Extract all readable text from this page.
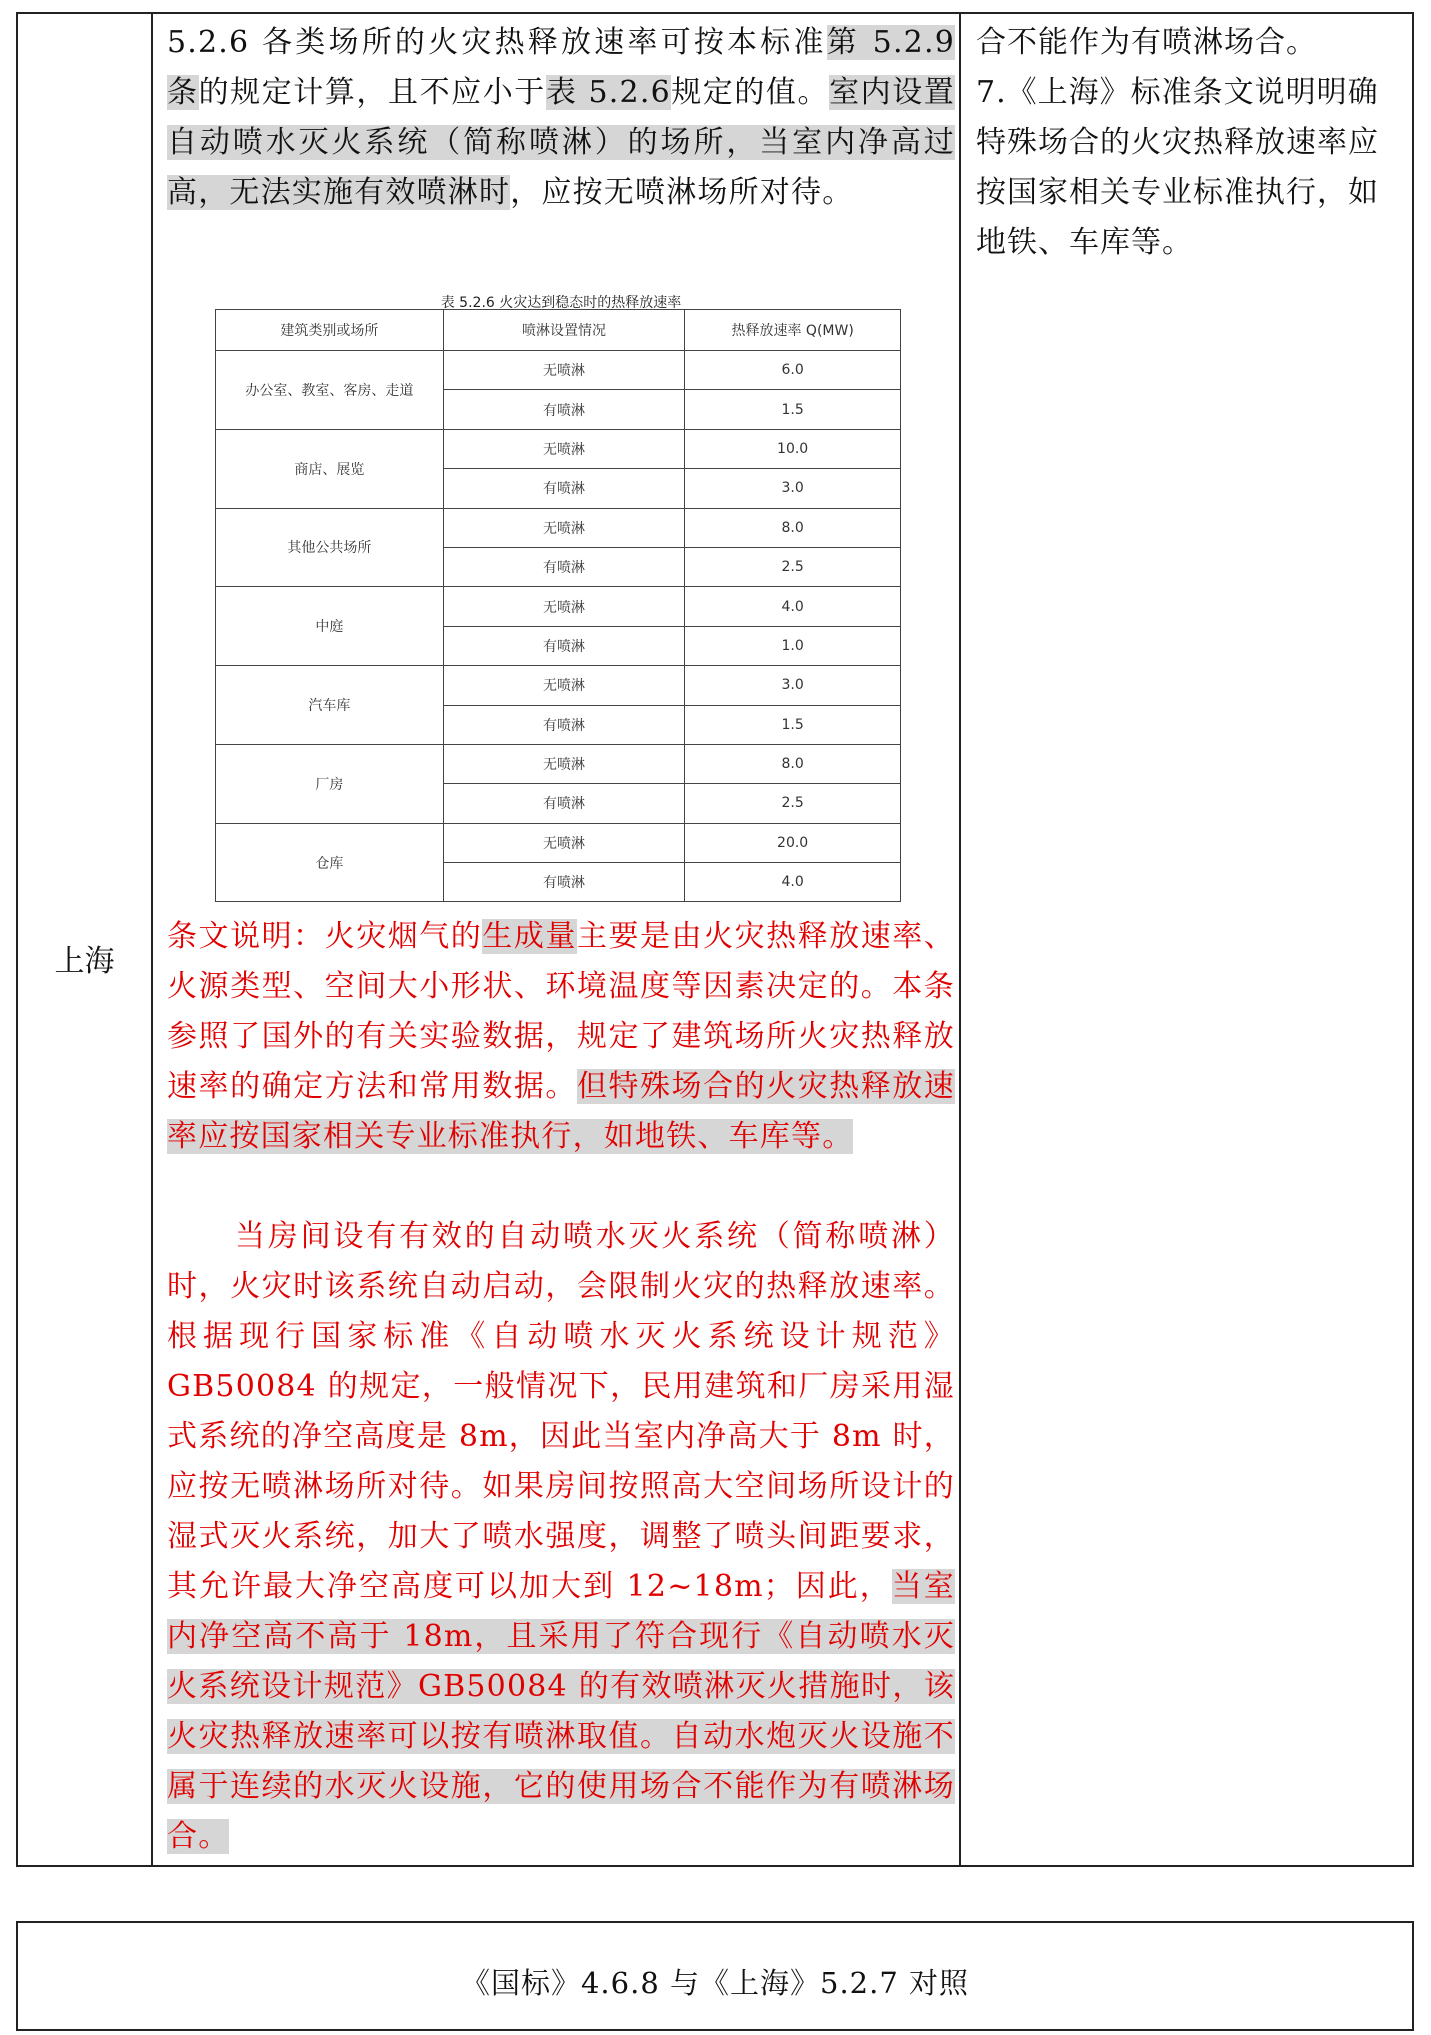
上海
5.2.6 各类场所的火灾热释放速率可按本标准第 5.2.9 条的规定计算，且不应小于表 5.2.6规定的值。室内设置自动喷水灭火系统（简称喷淋）的场所，当室内净高过高，无法实施有效喷淋时，应按无喷淋场所对待。
表 5.2.6 火灾达到稳态时的热释放速率
建筑类别或场所	喷淋设置情况	热释放速率 Q(MW)
办公室、教室、客房、走道	无喷淋	6.0
	有喷淋	1.5
商店、展览	无喷淋	10.0
	有喷淋	3.0
其他公共场所	无喷淋	8.0
	有喷淋	2.5
中庭	无喷淋	4.0
	有喷淋	1.0
汽车库	无喷淋	3.0
	有喷淋	1.5
厂房	无喷淋	8.0
	有喷淋	2.5
仓库	无喷淋	20.0
	有喷淋	4.0
条文说明：火灾烟气的生成量主要是由火灾热释放速率、火源类型、空间大小形状、环境温度等因素决定的。本条参照了国外的有关实验数据，规定了建筑场所火灾热释放速率的确定方法和常用数据。但特殊场合的火灾热释放速率应按国家相关专业标准执行，如地铁、车库等。
当房间设有有效的自动喷水灭火系统（简称喷淋）时，火灾时该系统自动启动，会限制火灾的热释放速率。根据现行国家标准《自动喷水灭火系统设计规范》GB50084 的规定，一般情况下，民用建筑和厂房采用湿式系统的净空高度是 8m，因此当室内净高大于 8m 时，应按无喷淋场所对待。如果房间按照高大空间场所设计的湿式灭火系统，加大了喷水强度，调整了喷头间距要求，其允许最大净空高度可以加大到 12~18m；因此，当室内净空高不高于 18m，且采用了符合现行《自动喷水灭火系统设计规范》GB50084 的有效喷淋灭火措施时，该火灾热释放速率可以按有喷淋取值。自动水炮灭火设施不属于连续的水灭火设施，它的使用场合不能作为有喷淋场合。
合不能作为有喷淋场合。
7.《上海》标准条文说明明确特殊场合的火灾热释放速率应按国家相关专业标准执行，如地铁、车库等。
《国标》4.6.8 与《上海》5.2.7 对照
